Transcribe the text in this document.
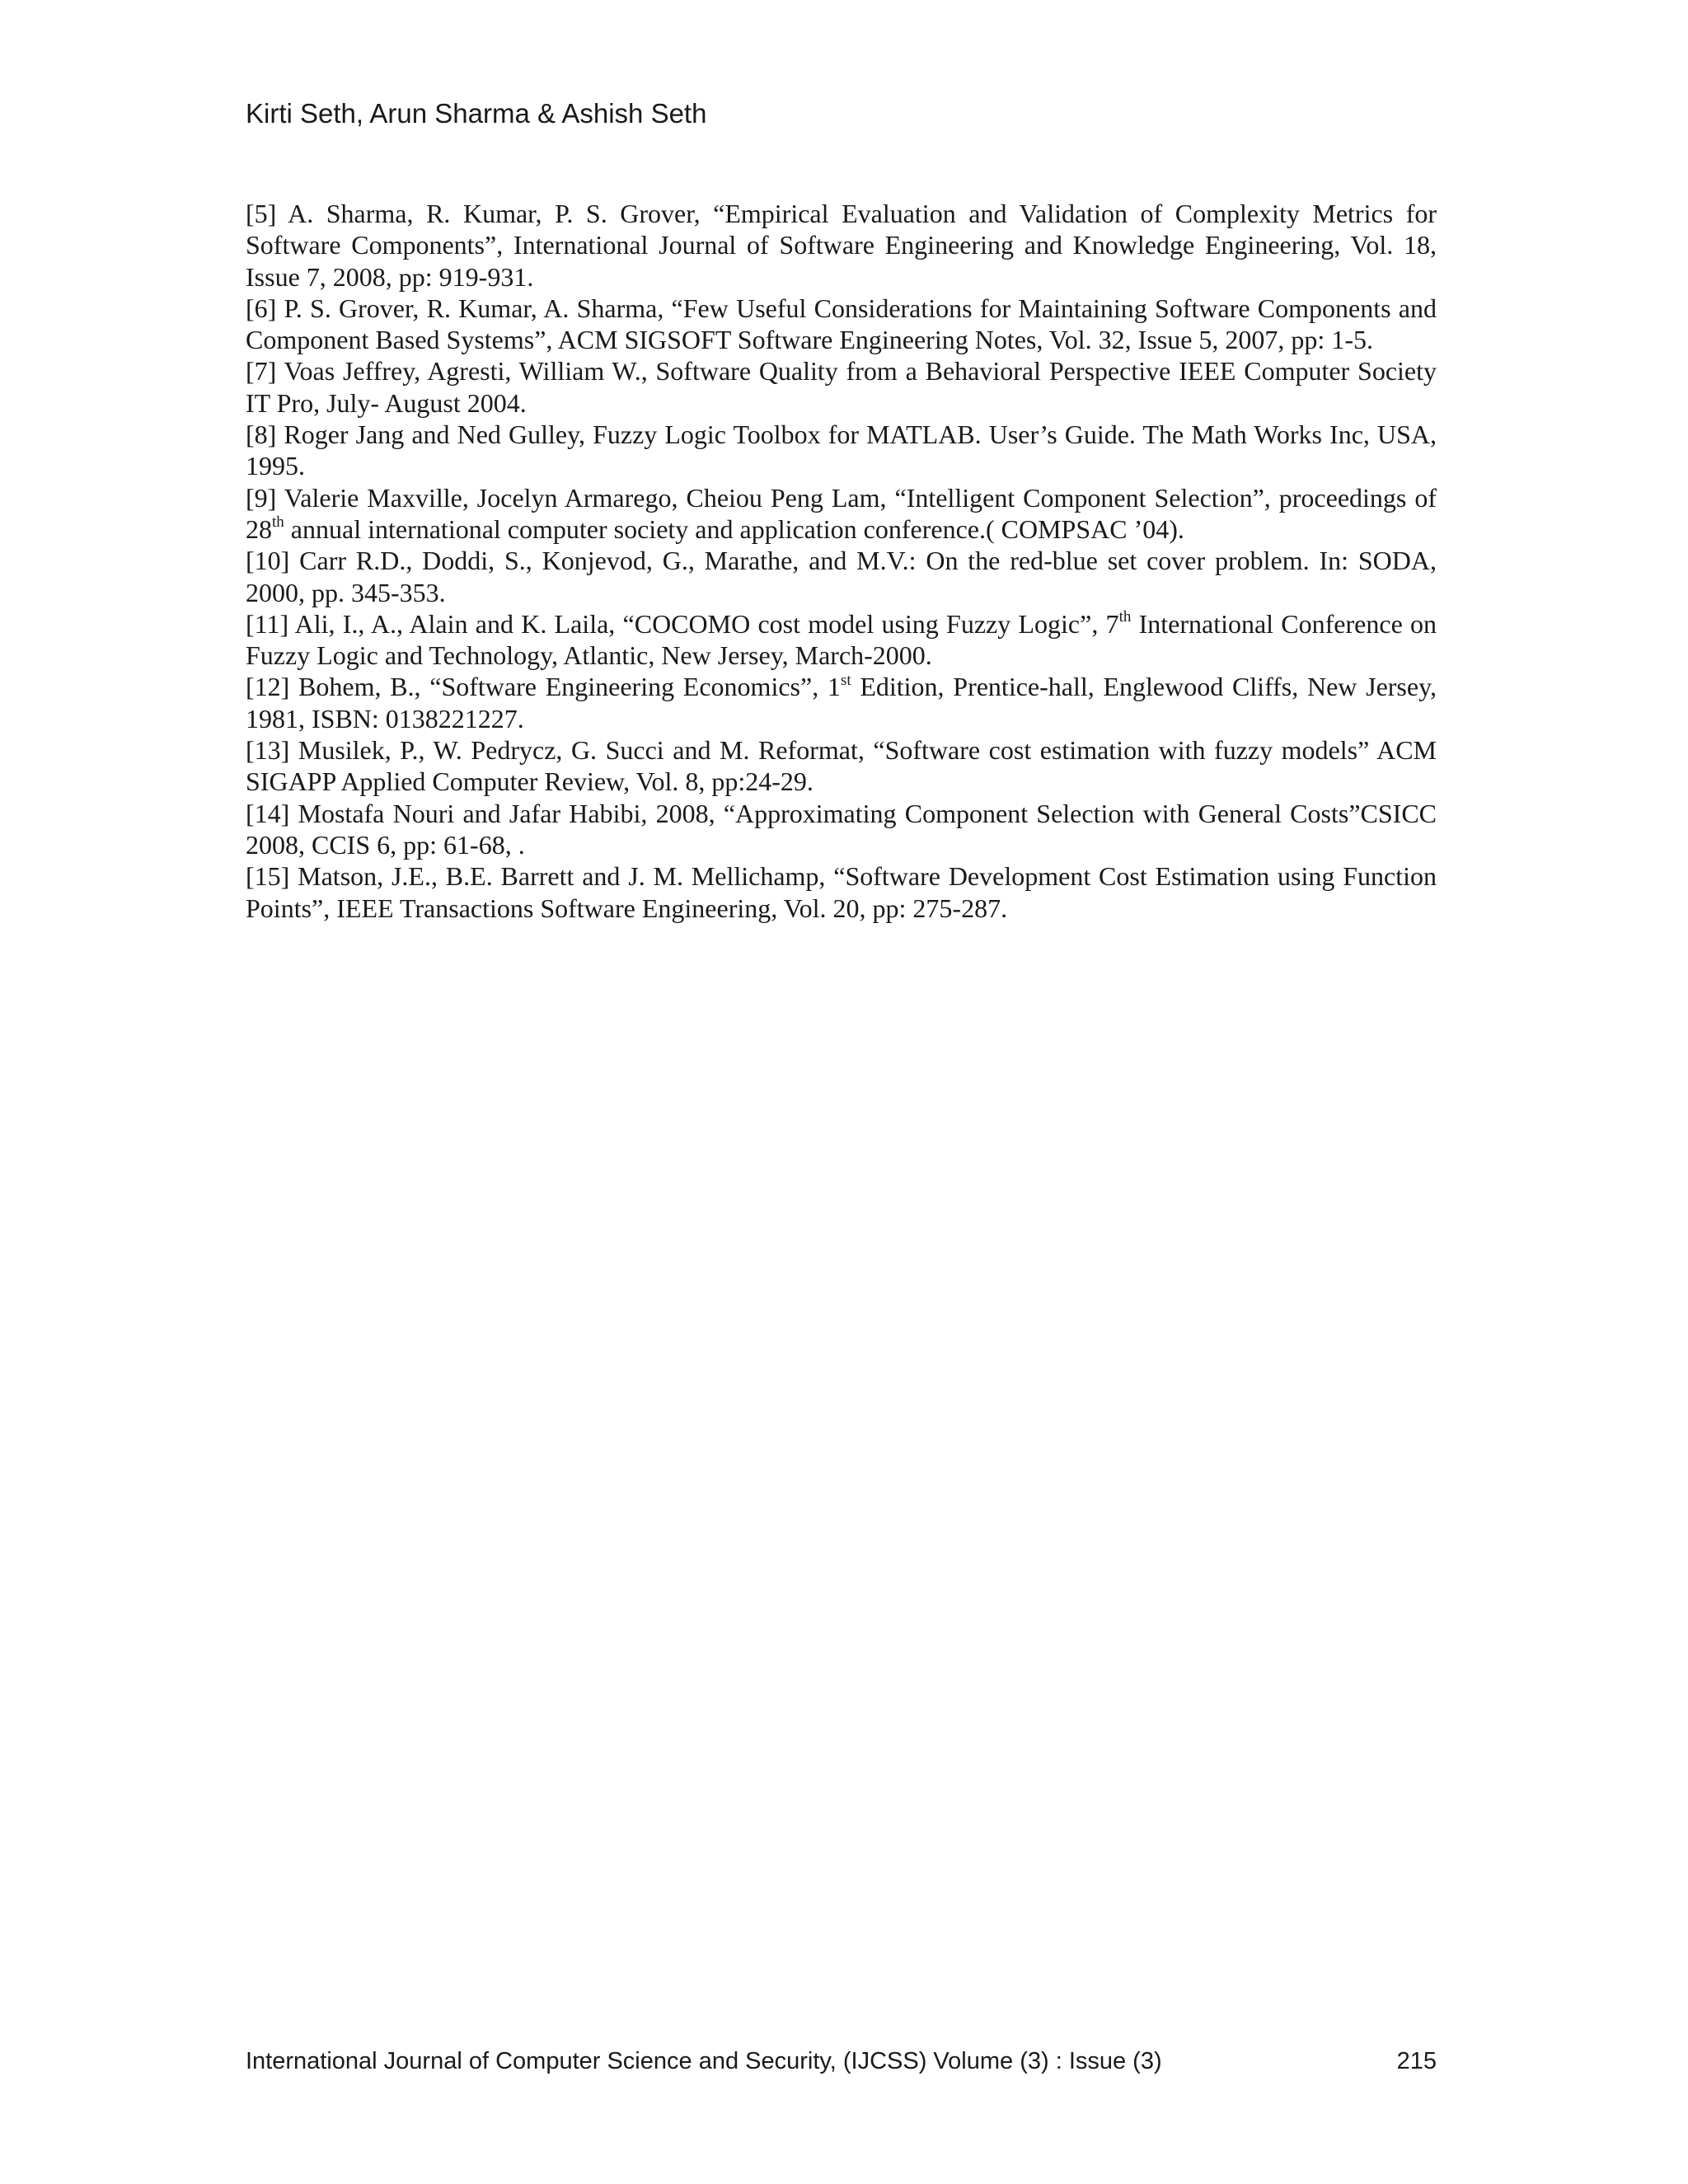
Kirti Seth, Arun Sharma & Ashish Seth

[5] A. Sharma, R. Kumar, P. S. Grover, “Empirical Evaluation and Validation of Complexity Metrics for Software Components”, International Journal of Software Engineering and Knowledge Engineering, Vol. 18, Issue 7, 2008, pp: 919-931.

[6] P. S. Grover, R. Kumar, A. Sharma, “Few Useful Considerations for Maintaining Software Components and Component Based Systems”, ACM SIGSOFT Software Engineering Notes, Vol. 32, Issue 5, 2007, pp: 1-5.

[7] Voas Jeffrey, Agresti, William W., Software Quality from a Behavioral Perspective IEEE Computer Society IT Pro, July- August 2004.

[8] Roger Jang and Ned Gulley, Fuzzy Logic Toolbox for MATLAB. User’s Guide. The Math Works Inc, USA, 1995.

[9] Valerie Maxville, Jocelyn Armarego, Cheiou Peng Lam, “Intelligent Component Selection”, proceedings of 28th annual international computer society and application conference.( COMPSAC ’04).

[10] Carr R.D., Doddi, S., Konjevod, G., Marathe, and M.V.: On the red-blue set cover problem. In: SODA, 2000, pp. 345-353.

[11] Ali, I., A., Alain and K. Laila, “COCOMO cost model using Fuzzy Logic”, 7th International Conference on Fuzzy Logic and Technology, Atlantic, New Jersey, March-2000.

[12] Bohem, B., “Software Engineering Economics”, 1st Edition, Prentice-hall, Englewood Cliffs, New Jersey, 1981, ISBN: 0138221227.

[13] Musilek, P., W. Pedrycz, G. Succi and M. Reformat, “Software cost estimation with fuzzy models” ACM SIGAPP Applied Computer Review, Vol. 8, pp:24-29.

[14] Mostafa Nouri and Jafar Habibi, 2008, “Approximating Component Selection with General Costs”CSICC 2008, CCIS 6, pp: 61-68, .

[15] Matson, J.E., B.E. Barrett and J. M. Mellichamp, “Software Development Cost Estimation using Function Points”, IEEE Transactions Software Engineering, Vol. 20, pp: 275-287.

International Journal of Computer Science and Security, (IJCSS) Volume (3) : Issue (3)	215
